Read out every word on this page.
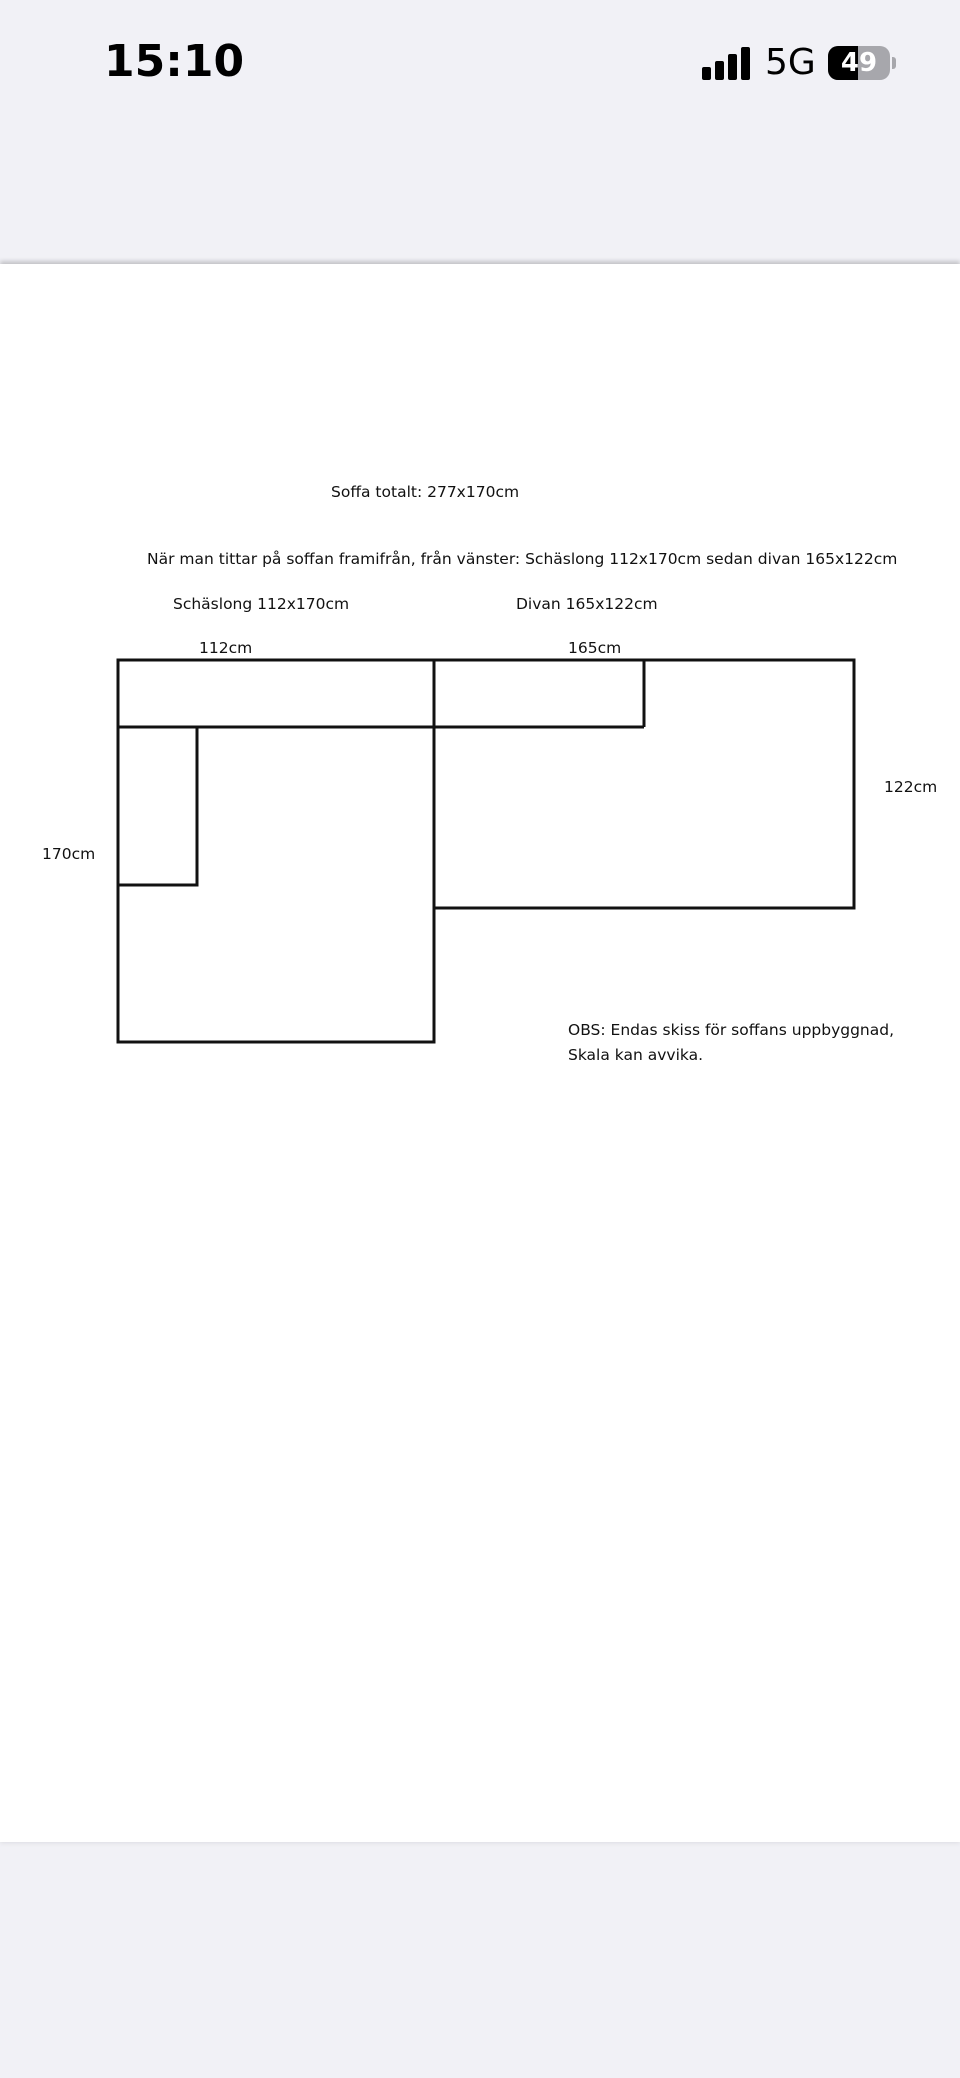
15:10	5G 49
Soffa totalt: 277x170cm
När man tittar på soffan framifrån, från vänster: Schäslong 112x170cm sedan divan 165x122cm
Schäslong 112x170cm	Divan 165x122cm
112cm	165cm
122cm
170cm
OBS: Endas skiss för soffans uppbyggnad,
Skala kan avvika.
